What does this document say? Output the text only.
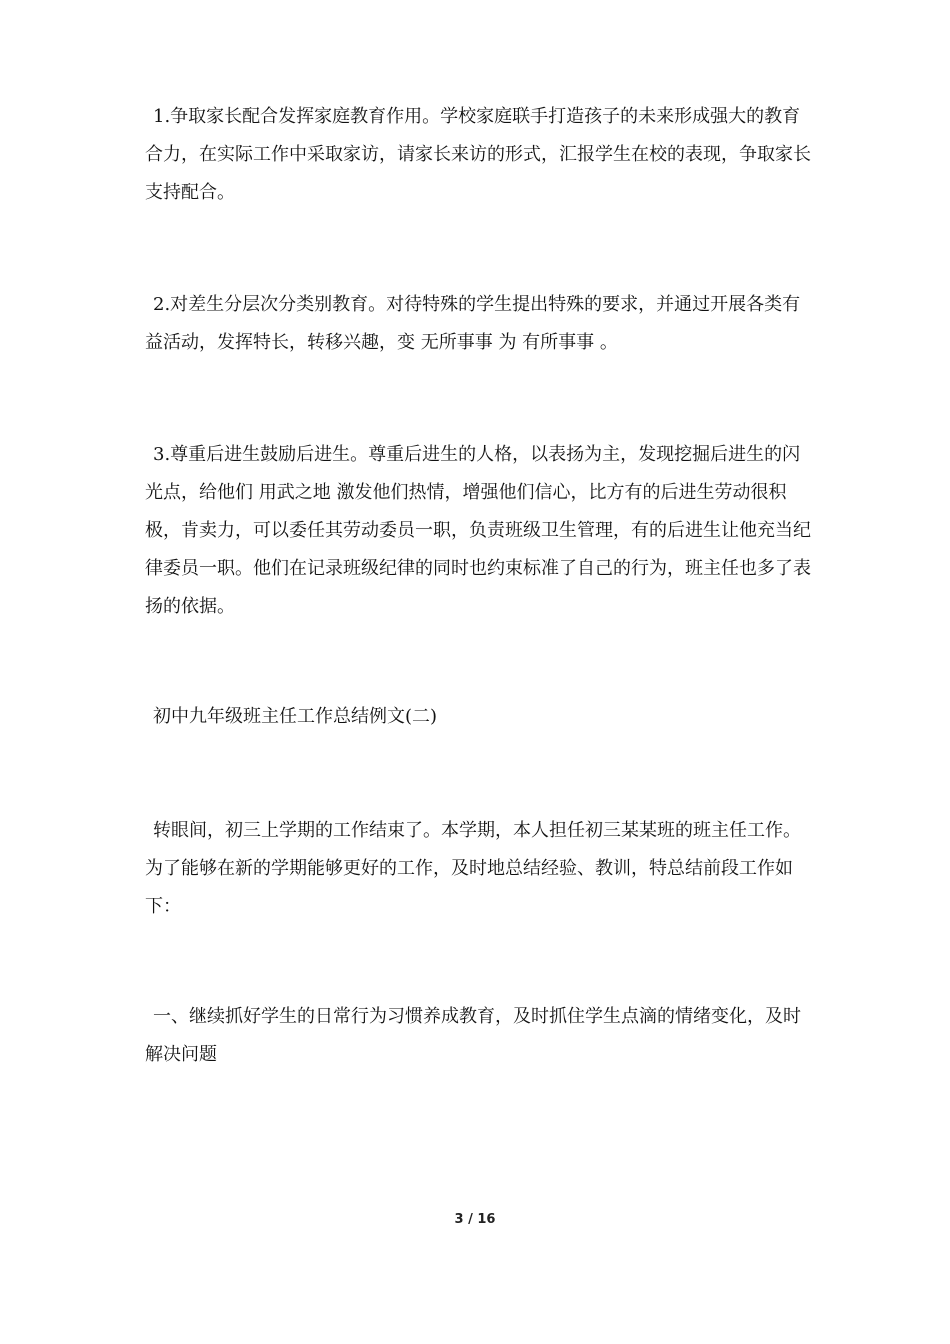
1.争取家长配合发挥家庭教育作用。学校家庭联手打造孩子的未来形成强大的教育合力，在实际工作中采取家访，请家长来访的形式，汇报学生在校的表现，争取家长支持配合。

2.对差生分层次分类别教育。对待特殊的学生提出特殊的要求，并通过开展各类有益活动，发挥特长，转移兴趣，变 无所事事 为 有所事事 。

3.尊重后进生鼓励后进生。尊重后进生的人格，以表扬为主，发现挖掘后进生的闪光点，给他们 用武之地 激发他们热情，增强他们信心，比方有的后进生劳动很积极，肯卖力，可以委任其劳动委员一职，负责班级卫生管理，有的后进生让他充当纪律委员一职。他们在记录班级纪律的同时也约束标准了自己的行为，班主任也多了表扬的依据。

初中九年级班主任工作总结例文(二)

转眼间，初三上学期的工作结束了。本学期，本人担任初三某某班的班主任工作。为了能够在新的学期能够更好的工作，及时地总结经验、教训，特总结前段工作如下：

一、继续抓好学生的日常行为习惯养成教育，及时抓住学生点滴的情绪变化，及时解决问题

3 / 16
